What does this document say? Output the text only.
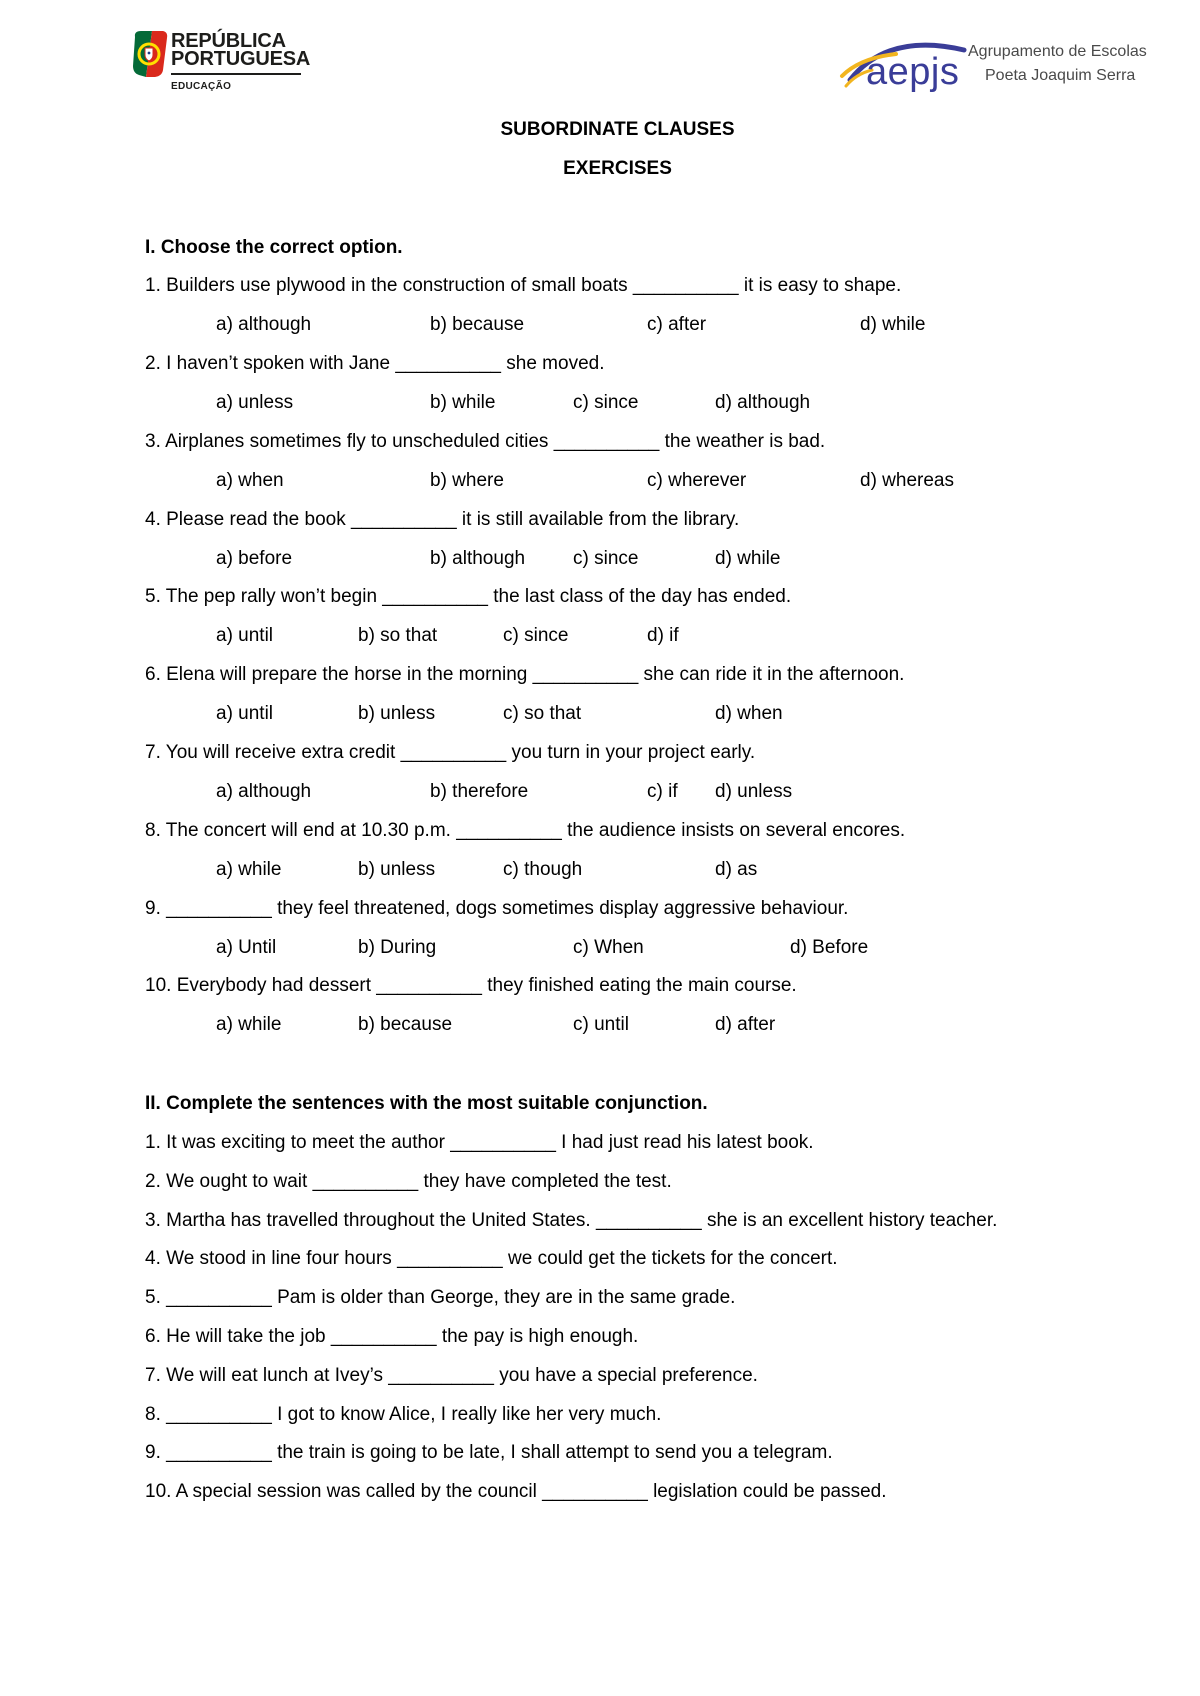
REPÚBLICA
PORTUGUESA
EDUCAÇÃO	aepjs Agrupamento de Escolas
Poeta Joaquim Serra
SUBORDINATE CLAUSES
EXERCISES
I. Choose the correct option.
II. Complete the sentences with the most suitable conjunction.
1. Builders use plywood in the construction of small boats __________ it is easy to shape.
a) although	b) because	c) after	d) while
2. I haven’t spoken with Jane __________ she moved.
a) unless	b) while	c) since	d) although
3. Airplanes sometimes fly to unscheduled cities __________ the weather is bad.
a) when	b) where	c) wherever	d) whereas
4. Please read the book __________ it is still available from the library.
a) before	b) although	c) since	d) while
5. The pep rally won’t begin __________ the last class of the day has ended.
a) until	b) so that	c) since	d) if
6. Elena will prepare the horse in the morning __________ she can ride it in the afternoon.
a) until	b) unless	c) so that	d) when
7. You will receive extra credit __________ you turn in your project early.
a) although	b) therefore	c) if d) unless
8. The concert will end at 10.30 p.m. __________ the audience insists on several encores.
a) while	b) unless	c) though	d) as
9. __________ they feel threatened, dogs sometimes display aggressive behaviour.
a) Until	b) During	c) When	d) Before
10. Everybody had dessert __________ they finished eating the main course.
a) while	b) because	c) until	d) after
1. It was exciting to meet the author __________ I had just read his latest book.
2. We ought to wait __________ they have completed the test.
3. Martha has travelled throughout the United States. __________ she is an excellent history teacher.
4. We stood in line four hours __________ we could get the tickets for the concert.
5. __________ Pam is older than George, they are in the same grade.
6. He will take the job __________ the pay is high enough.
7. We will eat lunch at Ivey’s __________ you have a special preference.
8. __________ I got to know Alice, I really like her very much.
9. __________ the train is going to be late, I shall attempt to send you a telegram.
10. A special session was called by the council __________ legislation could be passed.
